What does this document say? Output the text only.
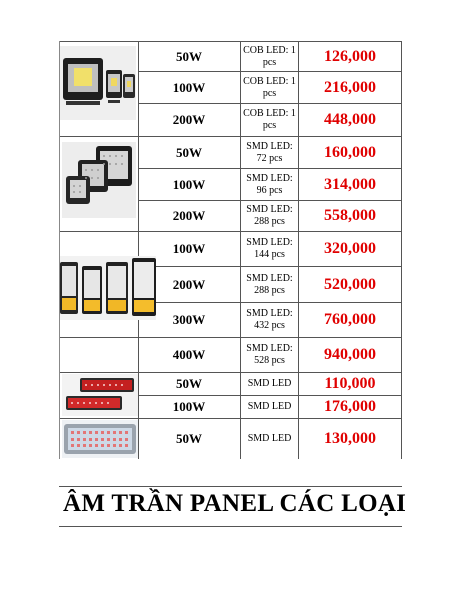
50W	COB LED: 1 pcs	126,000
100W	COB LED: 1 pcs	216,000
200W	COB LED: 1 pcs	448,000
50W	SMD LED: 72 pcs	160,000
100W	SMD LED: 96 pcs	314,000
200W	SMD LED: 288 pcs	558,000
100W	SMD LED: 144 pcs	320,000
200W	SMD LED: 288 pcs	520,000
300W	SMD LED: 432 pcs	760,000
400W	SMD LED: 528 pcs	940,000
50W	SMD LED	110,000
100W	SMD LED	176,000
50W	SMD LED	130,000
ÂM TRẦN PANEL CÁC LOẠI
